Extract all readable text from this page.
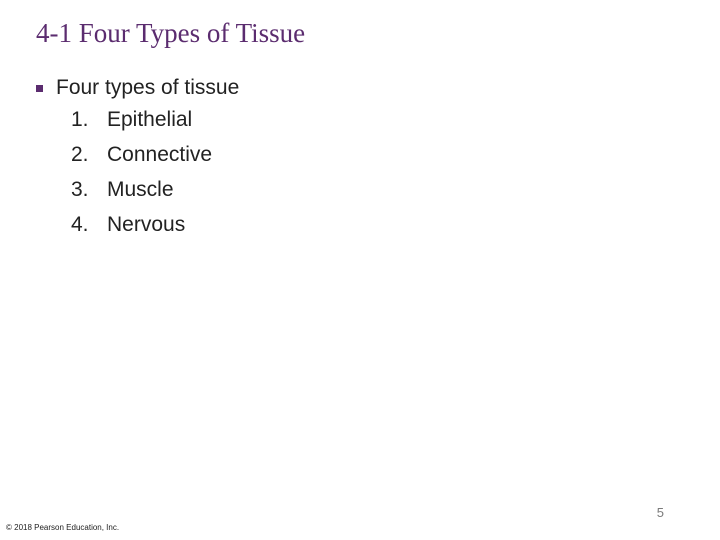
4-1 Four Types of Tissue
Four types of tissue
1. Epithelial
2. Connective
3. Muscle
4. Nervous
5
© 2018 Pearson Education, Inc.
